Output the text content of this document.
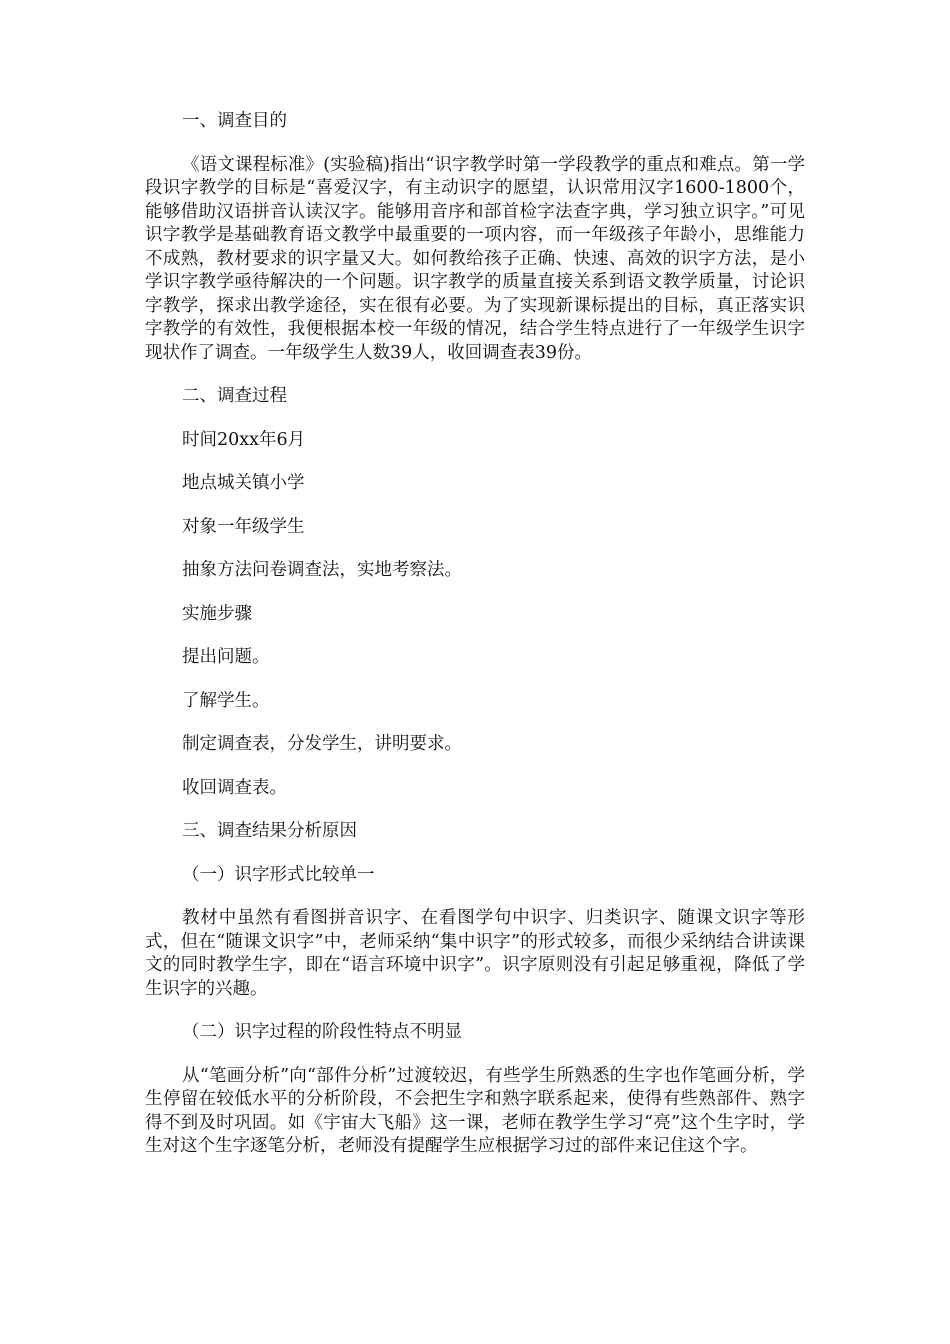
一、调查目的

《语文课程标准》(实验稿)指出“识字教学时第一学段教学的重点和难点。第一学段识字教学的目标是“喜爱汉字，有主动识字的愿望，认识常用汉字1600-1800个，能够借助汉语拼音认读汉字。能够用音序和部首检字法查字典，学习独立识字。”可见识字教学是基础教育语文教学中最重要的一项内容，而一年级孩子年龄小，思维能力不成熟，教材要求的识字量又大。如何教给孩子正确、快速、高效的识字方法，是小学识字教学亟待解决的一个问题。识字教学的质量直接关系到语文教学质量，讨论识字教学，探求出教学途径，实在很有必要。为了实现新课标提出的目标，真正落实识字教学的有效性，我便根据本校一年级的情况，结合学生特点进行了一年级学生识字现状作了调查。一年级学生人数39人，收回调查表39份。

二、调查过程

时间20xx年6月

地点城关镇小学

对象一年级学生

抽象方法问卷调查法，实地考察法。

实施步骤

提出问题。

了解学生。

制定调查表，分发学生，讲明要求。

收回调查表。

三、调查结果分析原因

（一）识字形式比较单一

教材中虽然有看图拼音识字、在看图学句中识字、归类识字、随课文识字等形式，但在“随课文识字”中，老师采纳“集中识字”的形式较多，而很少采纳结合讲读课文的同时教学生字，即在“语言环境中识字”。识字原则没有引起足够重视，降低了学生识字的兴趣。

（二）识字过程的阶段性特点不明显

从“笔画分析”向“部件分析”过渡较迟，有些学生所熟悉的生字也作笔画分析，学生停留在较低水平的分析阶段，不会把生字和熟字联系起来，使得有些熟部件、熟字得不到及时巩固。如《宇宙大飞船》这一课，老师在教学生学习“亮”这个生字时，学生对这个生字逐笔分析，老师没有提醒学生应根据学习过的部件来记住这个字。
